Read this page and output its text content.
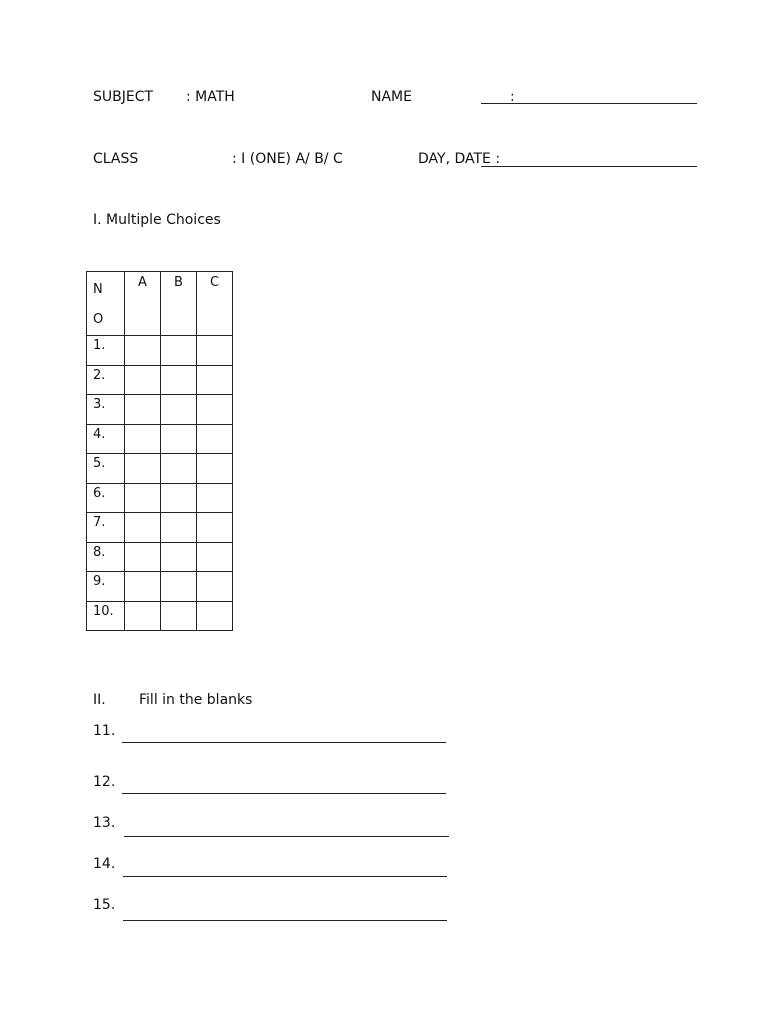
SUBJECT : MATH	NAME	:
CLASS	: I (ONE) A/ B/ C	DAY, DATE :
I. Multiple Choices
NO	A	B	C

1.			

2.			

3.			

4.			

5.			

6.			

7.			

8.			

9.			

10.			

II. Fill in the blanks
11.
12.
13.
14.
15.
